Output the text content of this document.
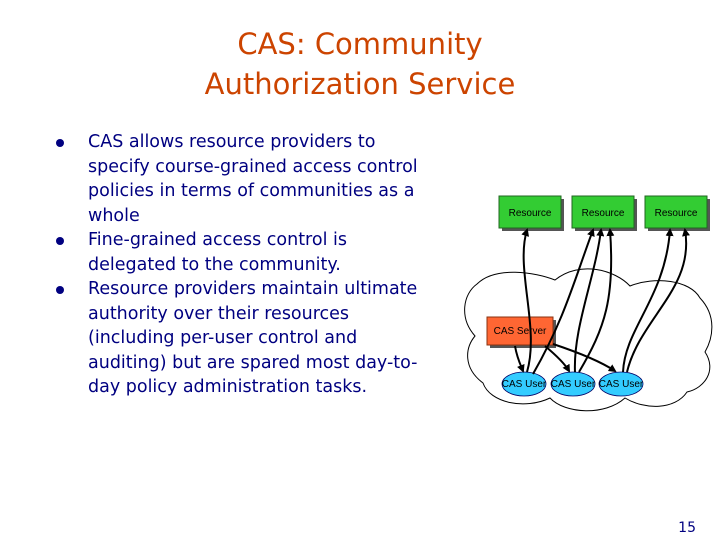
CAS: Community
Authorization Service
CAS allows resource providers to specify course-grained access control policies in terms of communities as a whole
Fine-grained access control is delegated to the community.
Resource providers maintain ultimate authority over their resources (including per-user control and auditing) but are spared most day-to-day policy administration tasks.
Resource	Resource	Resource
CAS Server
CAS User CAS User CAS User
15
